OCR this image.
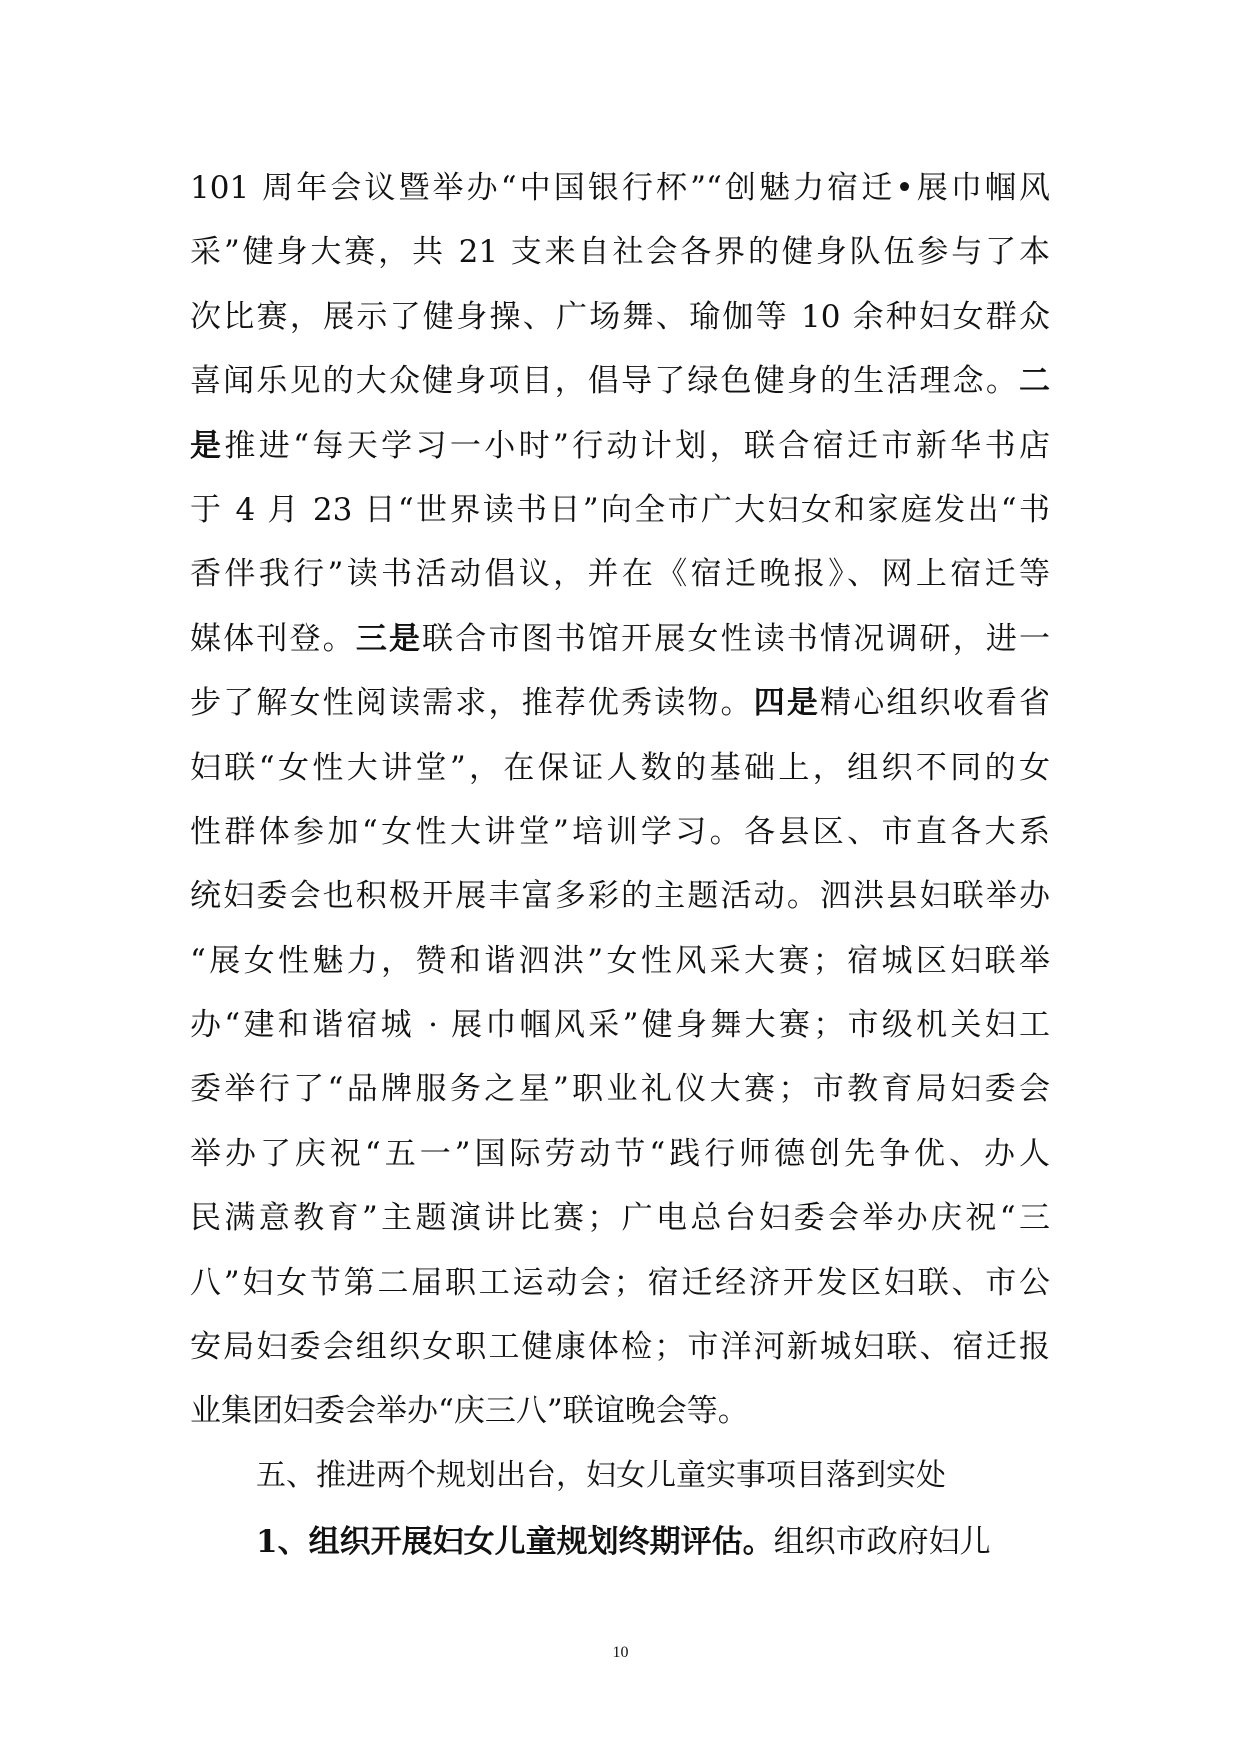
101 周年会议暨举办“中国银行杯”“创魅力宿迁•展巾帼风
采”健身大赛，共 21 支来自社会各界的健身队伍参与了本
次比赛，展示了健身操、广场舞、瑜伽等 10 余种妇女群众
喜闻乐见的大众健身项目，倡导了绿色健身的生活理念。二
是推进“每天学习一小时”行动计划，联合宿迁市新华书店
于 4 月 23 日“世界读书日”向全市广大妇女和家庭发出“书
香伴我行”读书活动倡议，并在《宿迁晚报》、网上宿迁等
媒体刊登。三是联合市图书馆开展女性读书情况调研，进一
步了解女性阅读需求，推荐优秀读物。四是精心组织收看省
妇联“女性大讲堂”，在保证人数的基础上，组织不同的女
性群体参加“女性大讲堂”培训学习。各县区、市直各大系
统妇委会也积极开展丰富多彩的主题活动。泗洪县妇联举办
“展女性魅力，赞和谐泗洪”女性风采大赛；宿城区妇联举
办“建和谐宿城 · 展巾帼风采”健身舞大赛；市级机关妇工
委举行了“品牌服务之星”职业礼仪大赛；市教育局妇委会
举办了庆祝“五一”国际劳动节“践行师德创先争优、办人
民满意教育”主题演讲比赛；广电总台妇委会举办庆祝“三
八”妇女节第二届职工运动会；宿迁经济开发区妇联、市公
安局妇委会组织女职工健康体检；市洋河新城妇联、宿迁报
业集团妇委会举办“庆三八”联谊晚会等。
五、推进两个规划出台，妇女儿童实事项目落到实处
1、组织开展妇女儿童规划终期评估。组织市政府妇儿
10
